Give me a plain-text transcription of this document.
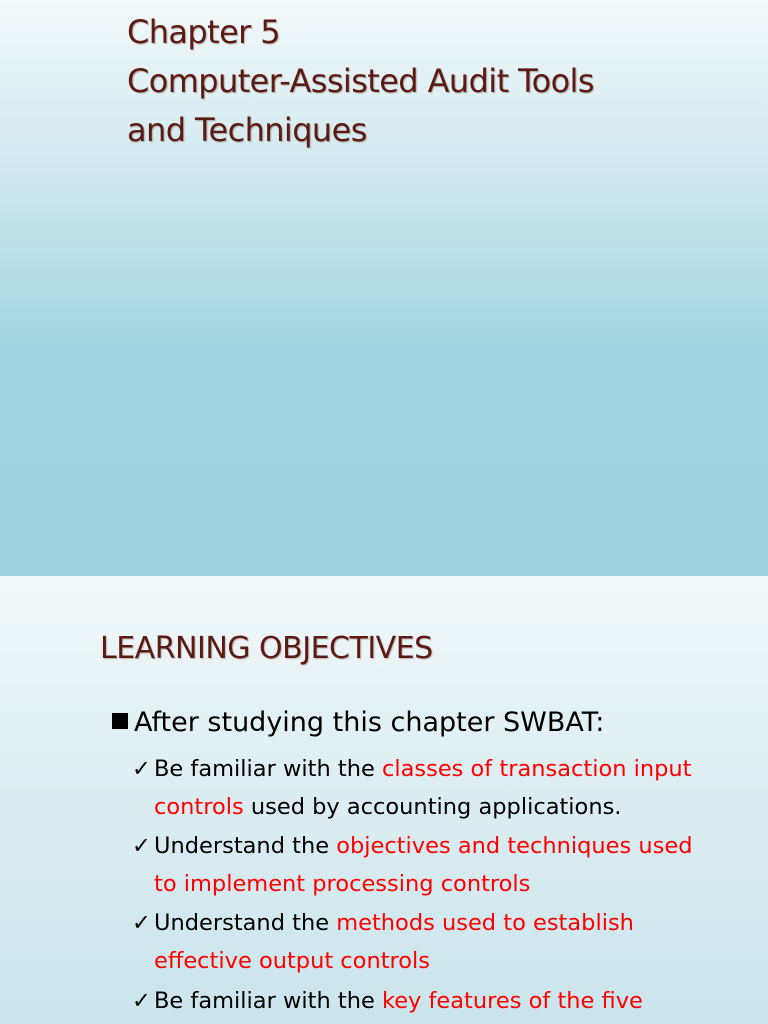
Chapter 5
Computer-Assisted Audit Tools
and Techniques
LEARNING OBJECTIVES
After studying this chapter SWBAT:
✓ Be familiar with the classes of transaction input
controls used by accounting applications.
✓ Understand the objectives and techniques used
to implement processing controls
✓ Understand the methods used to establish
effective output controls
✓ Be familiar with the key features of the five
